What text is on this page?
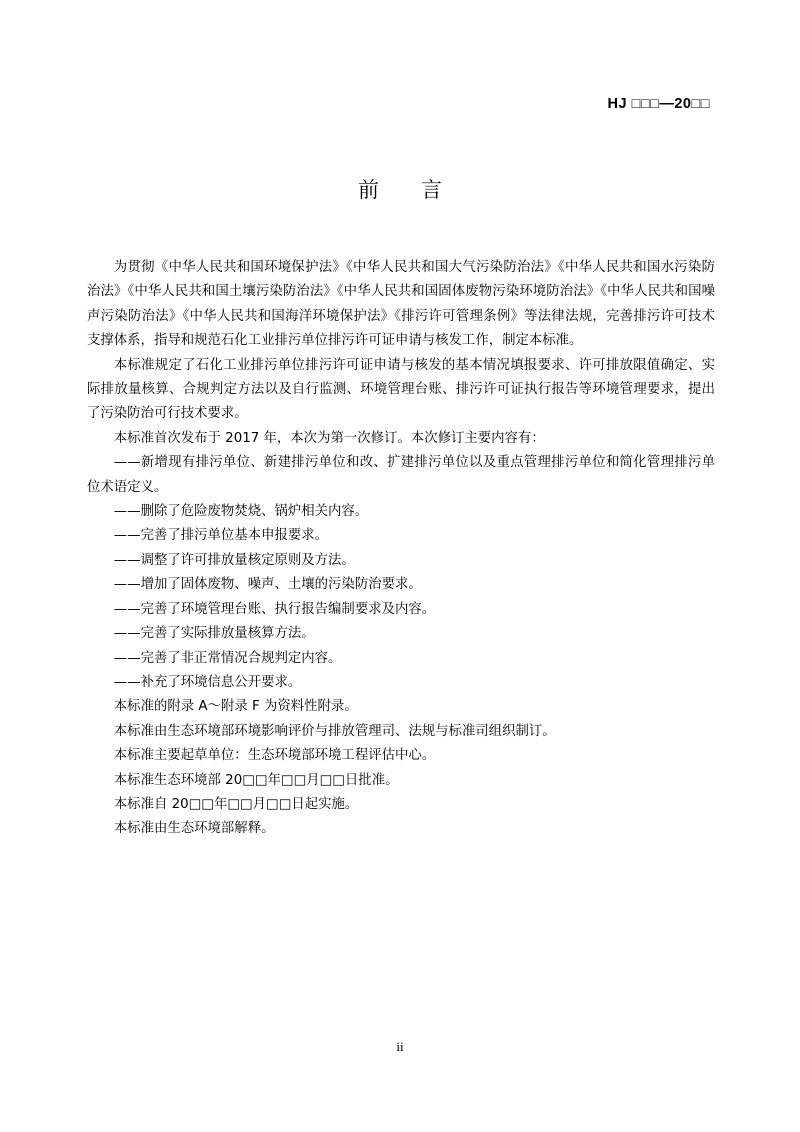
HJ □□□—20□□
前 言

为贯彻《中华人民共和国环境保护法》《中华人民共和国大气污染防治法》《中华人民共和国水污染防治法》《中华人民共和国土壤污染防治法》《中华人民共和国固体废物污染环境防治法》《中华人民共和国噪声污染防治法》《中华人民共和国海洋环境保护法》《排污许可管理条例》等法律法规，完善排污许可技术支撑体系，指导和规范石化工业排污单位排污许可证申请与核发工作，制定本标准。

本标准规定了石化工业排污单位排污许可证申请与核发的基本情况填报要求、许可排放限值确定、实际排放量核算、合规判定方法以及自行监测、环境管理台账、排污许可证执行报告等环境管理要求，提出了污染防治可行技术要求。

本标准首次发布于 2017 年，本次为第一次修订。本次修订主要内容有：

——新增现有排污单位、新建排污单位和改、扩建排污单位以及重点管理排污单位和简化管理排污单位术语定义。

——删除了危险废物焚烧、锅炉相关内容。

——完善了排污单位基本申报要求。

——调整了许可排放量核定原则及方法。

——增加了固体废物、噪声、土壤的污染防治要求。

——完善了环境管理台账、执行报告编制要求及内容。

——完善了实际排放量核算方法。

——完善了非正常情况合规判定内容。

——补充了环境信息公开要求。

本标准的附录 A～附录 F 为资料性附录。

本标准由生态环境部环境影响评价与排放管理司、法规与标准司组织制订。

本标准主要起草单位：生态环境部环境工程评估中心。

本标准生态环境部 20□□年□□月□□日批准。

本标准自 20□□年□□月□□日起实施。

本标准由生态环境部解释。

ii
